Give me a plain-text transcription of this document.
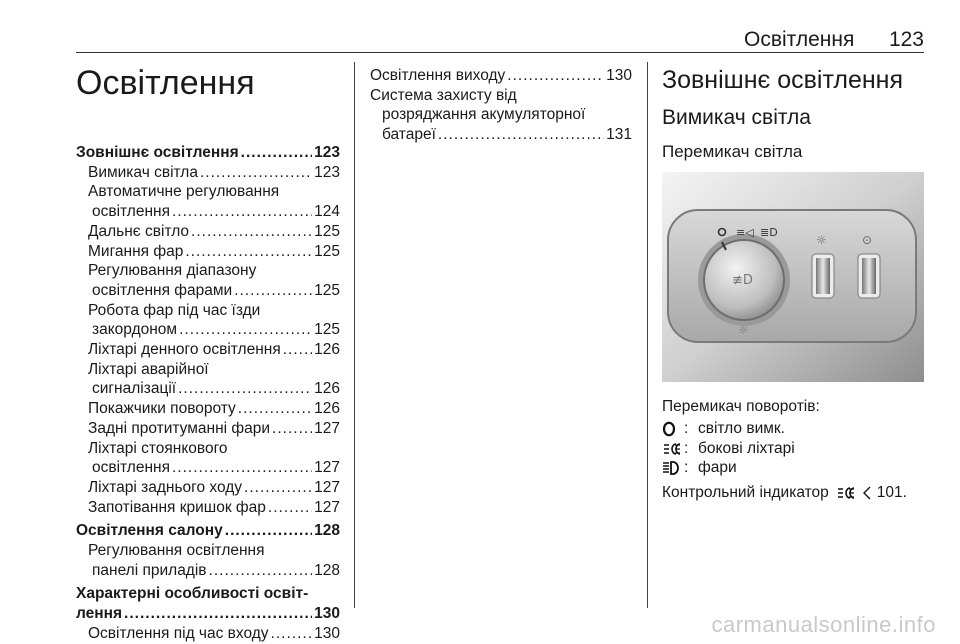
Освітлення 123
Освітлення
Зовнішнє освітлення .....	123
Вимикач світла .....	123
Автоматичне регулювання
освітлення .....	124
Дальнє світло .....	125
Мигання фар .....	125
Регулювання діапазону
освітлення фарами .....	125
Робота фар під час їзди
закордоном .....	125
Ліхтарі денного освітлення ..... 126
Ліхтарі аварійної
сигналізації .....	126
Покажчики повороту .....	126
Задні протитуманні фари .....	127
Ліхтарі стоянкового
освітлення .....	127
Ліхтарі заднього ходу .....	127
Запотівання кришок фар .....	127
Освітлення салону .....	128
Регулювання освітлення
панелі приладів .....	128
Характерні особливості освіт-
лення .....	130
Освітлення під час входу .....	130
Освітлення виходу .....	130
Система захисту від
розряджання акумуляторної
батареї .....	131
Зовнішнє освітлення
Вимикач світла
Перемикач світла
≡◁ ≣D
≢D
☼
☼	⊙
Перемикач поворотів:
: світло вимк.
: бокові ліхтарі
: фари
Контрольний індикатор	101.
carmanualsonline.info
